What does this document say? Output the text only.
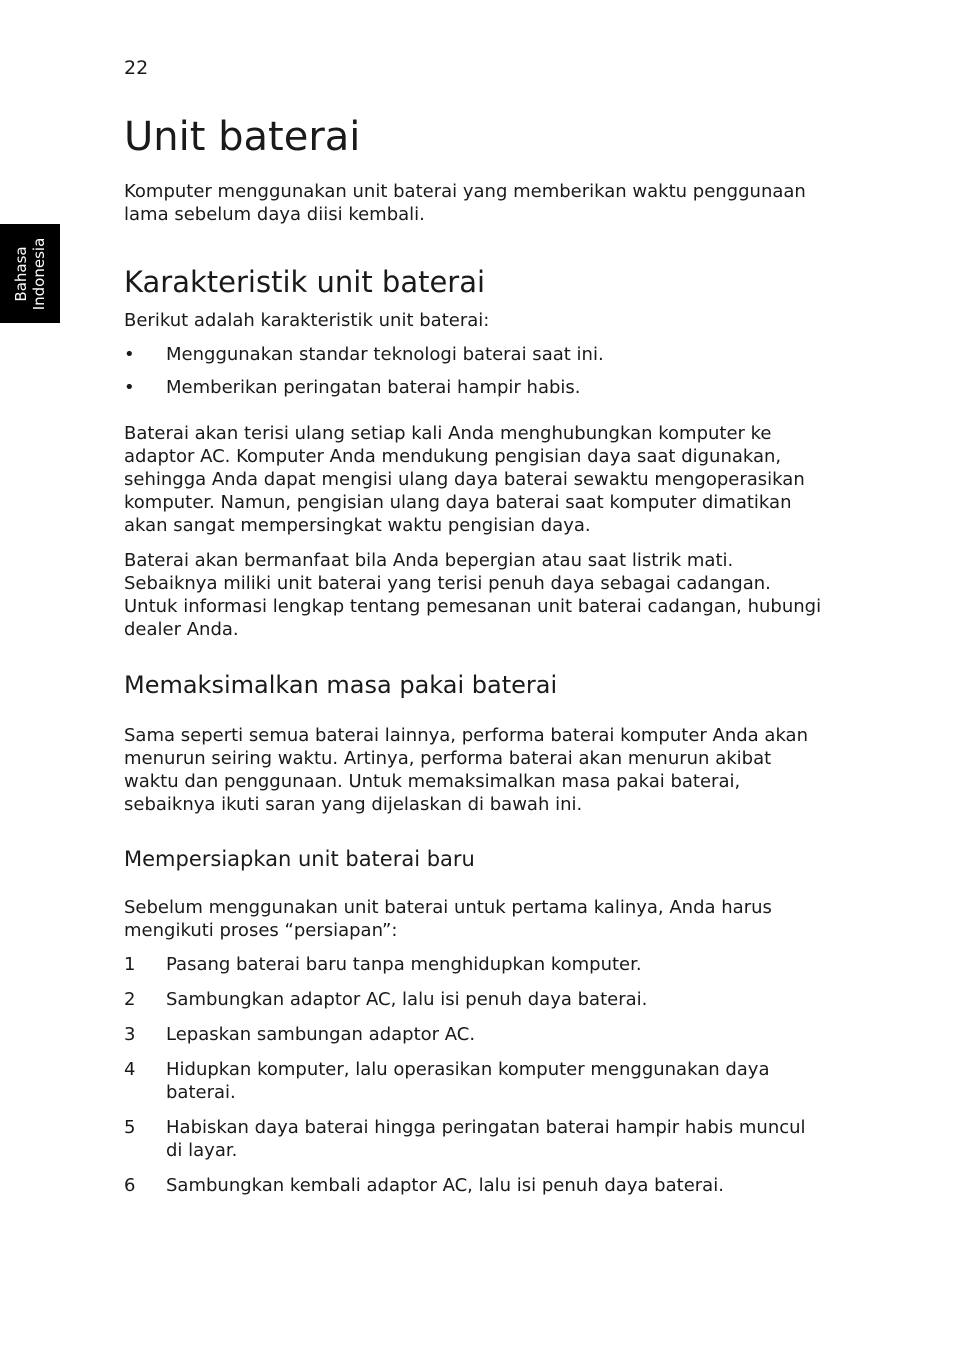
22
Bahasa Indonesia
Unit baterai

Komputer menggunakan unit baterai yang memberikan waktu penggunaan lama sebelum daya diisi kembali.

Karakteristik unit baterai

Berikut adalah karakteristik unit baterai:

• Menggunakan standar teknologi baterai saat ini.
• Memberikan peringatan baterai hampir habis.

Baterai akan terisi ulang setiap kali Anda menghubungkan komputer ke adaptor AC. Komputer Anda mendukung pengisian daya saat digunakan, sehingga Anda dapat mengisi ulang daya baterai sewaktu mengoperasikan komputer. Namun, pengisian ulang daya baterai saat komputer dimatikan akan sangat mempersingkat waktu pengisian daya.

Baterai akan bermanfaat bila Anda bepergian atau saat listrik mati. Sebaiknya miliki unit baterai yang terisi penuh daya sebagai cadangan. Untuk informasi lengkap tentang pemesanan unit baterai cadangan, hubungi dealer Anda.

Memaksimalkan masa pakai baterai

Sama seperti semua baterai lainnya, performa baterai komputer Anda akan menurun seiring waktu. Artinya, performa baterai akan menurun akibat waktu dan penggunaan. Untuk memaksimalkan masa pakai baterai, sebaiknya ikuti saran yang dijelaskan di bawah ini.

Mempersiapkan unit baterai baru

Sebelum menggunakan unit baterai untuk pertama kalinya, Anda harus mengikuti proses “persiapan”:

1 Pasang baterai baru tanpa menghidupkan komputer.
2 Sambungkan adaptor AC, lalu isi penuh daya baterai.
3 Lepaskan sambungan adaptor AC.
4 Hidupkan komputer, lalu operasikan komputer menggunakan daya baterai.
5 Habiskan daya baterai hingga peringatan baterai hampir habis muncul di layar.
6 Sambungkan kembali adaptor AC, lalu isi penuh daya baterai.
